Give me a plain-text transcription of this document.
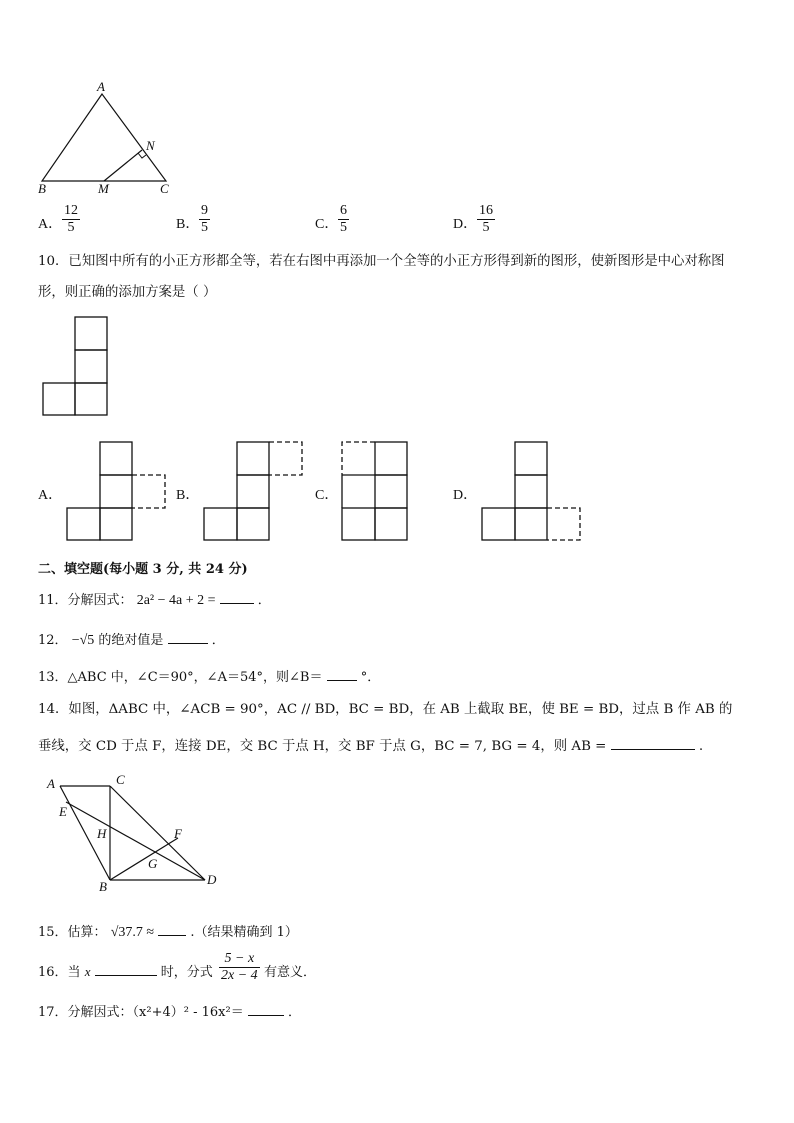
A
B	M	C
N
A． $\frac{12}{5}$	B． $\frac{9}{5}$	C． $\frac{6}{5}$	D． $\frac{16}{5}$
10．已知图中所有的小正方形都全等，若在右图中再添加一个全等的小正方形得到新的图形，使新图形是中心对称图
形，则正确的添加方案是（ ）
A．	B．	C．	D．
二、填空题(每小题 3 分, 共 24 分)
11．分解因式： 2a² − 4a + 2 =	．
12． −√5 的绝对值是	．
13．△ABC 中，∠C＝90°，∠A＝54°，则∠B＝	°．
14．如图，ΔABC 中，∠ACB = 90°，AC // BD，BC = BD，在 AB 上截取 BE，使 BE = BD，过点 B 作 AB 的
垂线，交 CD 于点 F，连接 DE，交 BC 于点 H，交 BF 于点 G，BC = 7, BG = 4，则 AB =	.
A	C
E
H	F
G
B	D
15．估算： √37.7 ≈	.（结果精确到 1）
16．当 x	时，分式 $\frac{5 - x}{2x - 4}$ 有意义．
17．分解因式：（x²+4）² - 16x²＝	．
